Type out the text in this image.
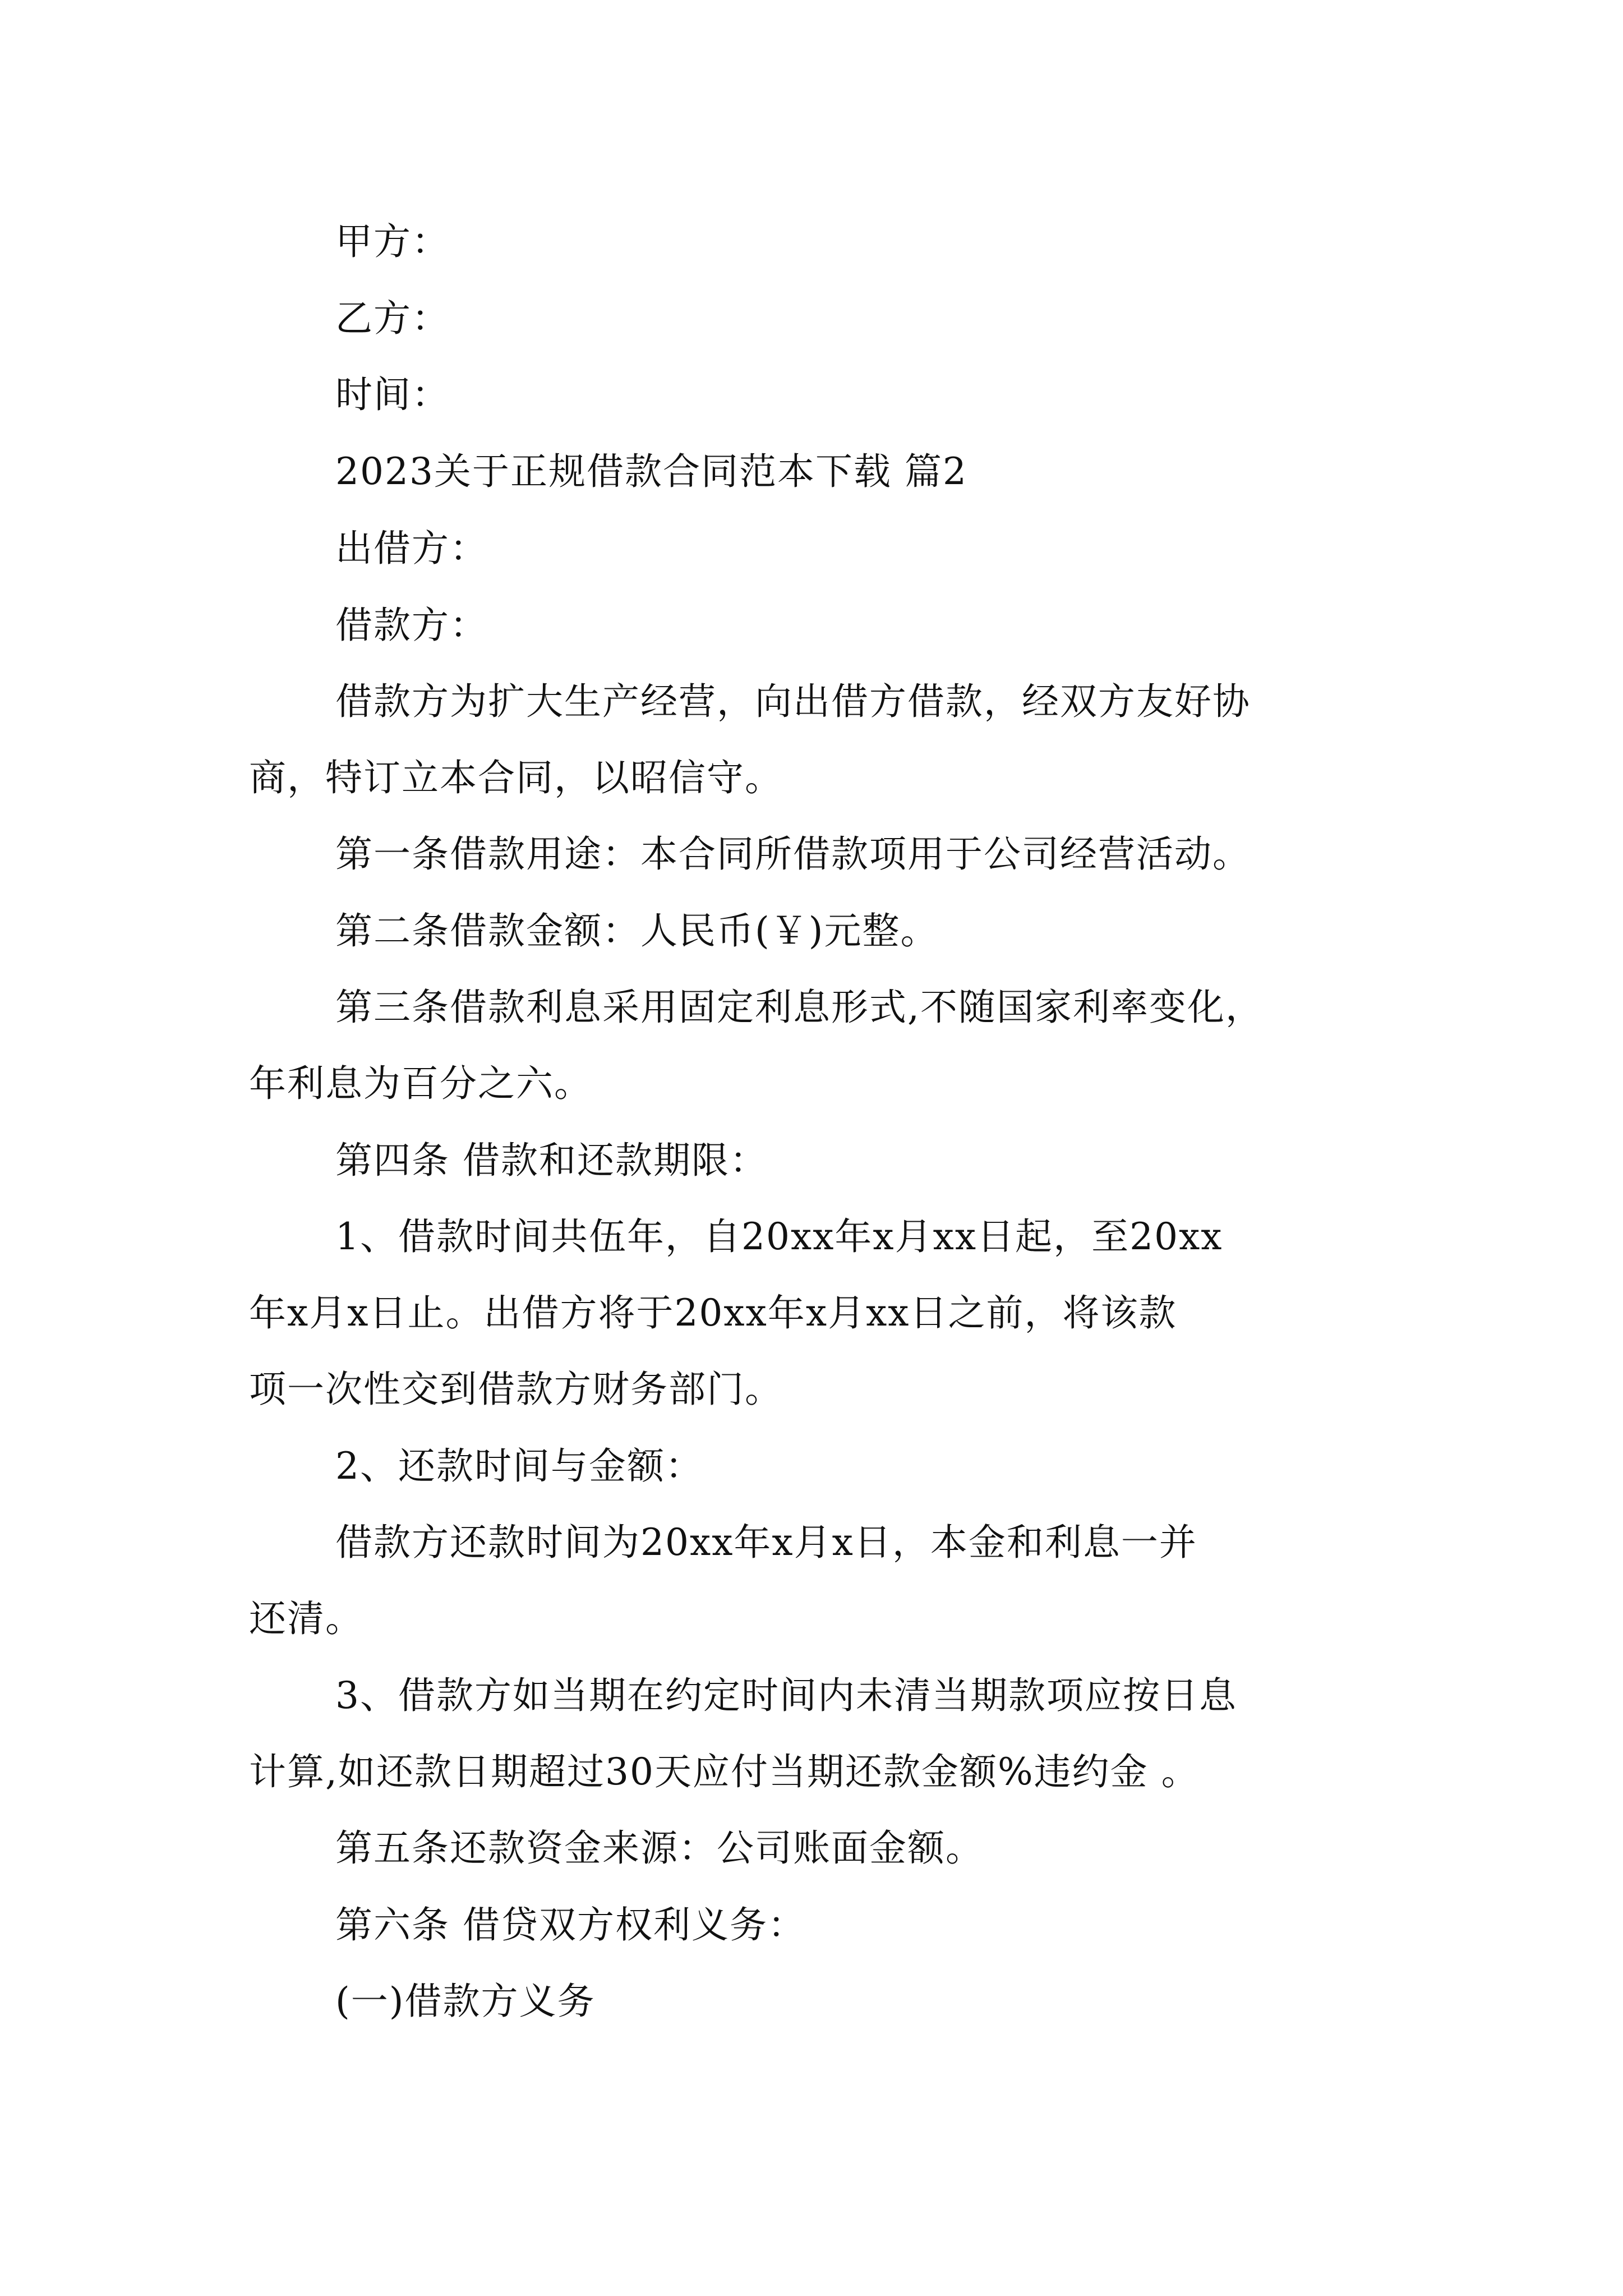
甲方：
乙方：
时间：
2023关于正规借款合同范本下载 篇2
出借方：
借款方：
借款方为扩大生产经营，向出借方借款，经双方友好协
商，特订立本合同，以昭信守。
第一条借款用途：本合同所借款项用于公司经营活动。
第二条借款金额：人民币(￥)元整。
第三条借款利息采用固定利息形式,不随国家利率变化，
年利息为百分之六。
第四条 借款和还款期限：
1、借款时间共伍年，自20xx年x月xx日起，至20xx
年x月x日止。出借方将于20xx年x月xx日之前，将该款
项一次性交到借款方财务部门。
2、还款时间与金额：
借款方还款时间为20xx年x月x日，本金和利息一并
还清。
3、借款方如当期在约定时间内未清当期款项应按日息
计算,如还款日期超过30天应付当期还款金额%违约金 。
第五条还款资金来源：公司账面金额。
第六条 借贷双方权利义务：
(一)借款方义务
